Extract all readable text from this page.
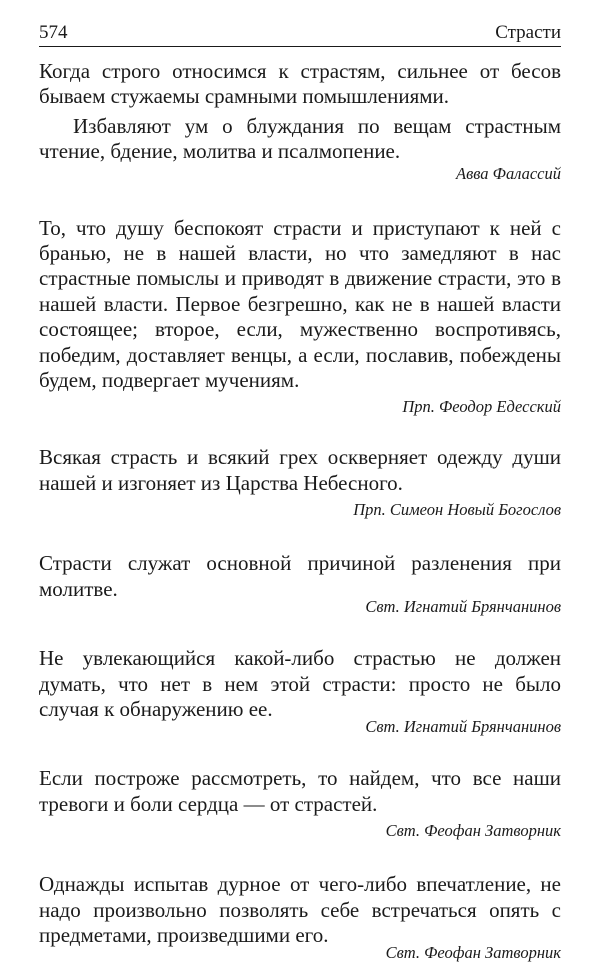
574	Страсти

Когда строго относимся к страстям, сильнее от бесов бываем стужаемы срамными помышлениями.

Избавляют ум о блуждания по вещам страстным чтение, бдение, молитва и псалмопение.

Авва Фалассий

То, что душу беспокоят страсти и приступают к ней с бранью, не в нашей власти, но что замедляют в нас страстные помыслы и приводят в движение страсти, это в нашей власти. Первое безгрешно, как не в нашей власти состоящее; второе, если, мужественно воспротивясь, победим, доставляет венцы, а если, пославив, побеждены будем, подвергает мучениям.

Прп. Феодор Едесский

Всякая страсть и всякий грех оскверняет одежду души нашей и изгоняет из Царства Небесного.

Прп. Симеон Новый Богослов

Страсти служат основной причиной разленения при молитве.

Свт. Игнатий Брянчанинов

Не увлекающийся какой-либо страстью не должен думать, что нет в нем этой страсти: просто не было случая к обнаружению ее.

Свт. Игнатий Брянчанинов

Если построже рассмотреть, то найдем, что все наши тревоги и боли сердца — от страстей.

Свт. Феофан Затворник

Однажды испытав дурное от чего-либо впечатление, не надо произвольно позволять себе встречаться опять с предметами, произведшими его.

Свт. Феофан Затворник
